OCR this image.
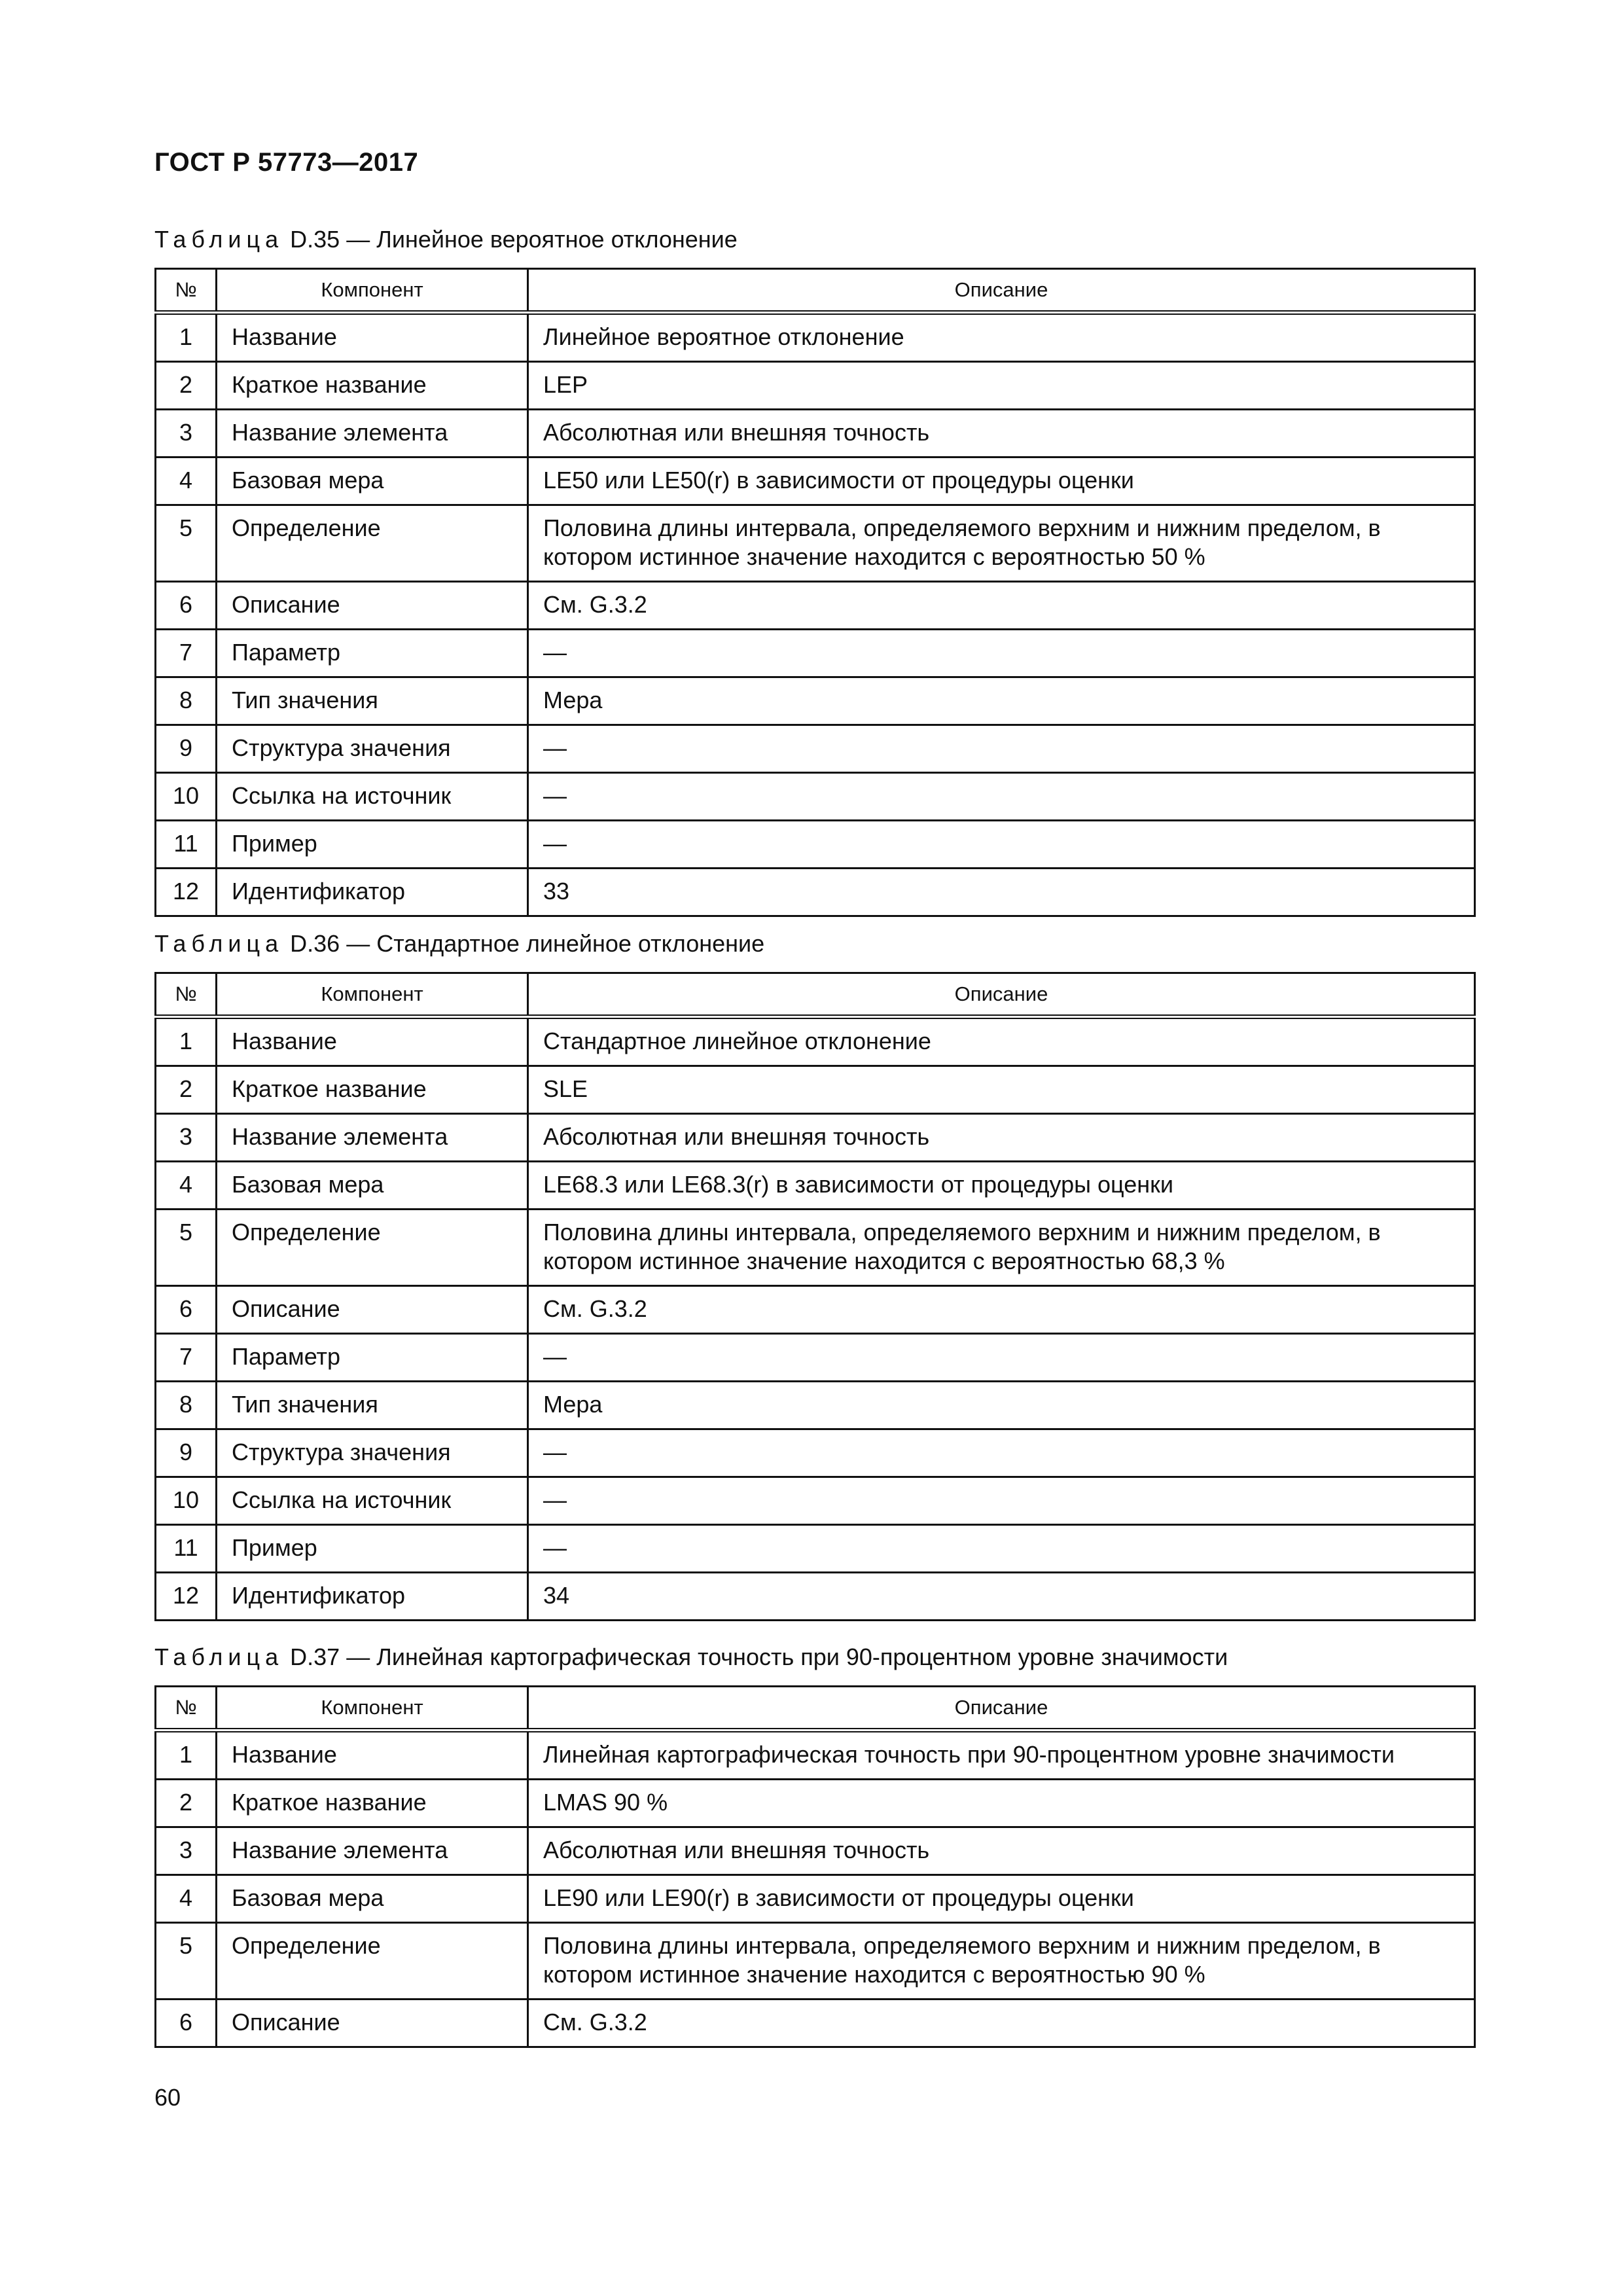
ГОСТ Р 57773—2017
Таблица D.35 — Линейное вероятное отклонение
№	Компонент	Описание
1	Название	Линейное вероятное отклонение
2	Краткое название	LEP
3	Название элемента	Абсолютная или внешняя точность
4	Базовая мера	LE50 или LE50(r) в зависимости от процедуры оценки
5	Определение	Половина длины интервала, определяемого верхним и нижним пределом, в котором истинное значение находится с вероятностью 50 %
6	Описание	См. G.3.2
7	Параметр	—
8	Тип значения	Мера
9	Структура значения	—
10	Ссылка на источник	—
11	Пример	—
12	Идентификатор	33
Таблица D.36 — Стандартное линейное отклонение
№	Компонент	Описание
1	Название	Стандартное линейное отклонение
2	Краткое название	SLE
3	Название элемента	Абсолютная или внешняя точность
4	Базовая мера	LE68.3 или LE68.3(r) в зависимости от процедуры оценки
5	Определение	Половина длины интервала, определяемого верхним и нижним пределом, в котором истинное значение находится с вероятностью 68,3 %
6	Описание	См. G.3.2
7	Параметр	—
8	Тип значения	Мера
9	Структура значения	—
10	Ссылка на источник	—
11	Пример	—
12	Идентификатор	34
Таблица D.37 — Линейная картографическая точность при 90-процентном уровне значимости
№	Компонент	Описание
1	Название	Линейная картографическая точность при 90-процентном уровне значимости
2	Краткое название	LMAS 90 %
3	Название элемента	Абсолютная или внешняя точность
4	Базовая мера	LE90 или LE90(r) в зависимости от процедуры оценки
5	Определение	Половина длины интервала, определяемого верхним и нижним пределом, в котором истинное значение находится с вероятностью 90 %
6	Описание	См. G.3.2
60
